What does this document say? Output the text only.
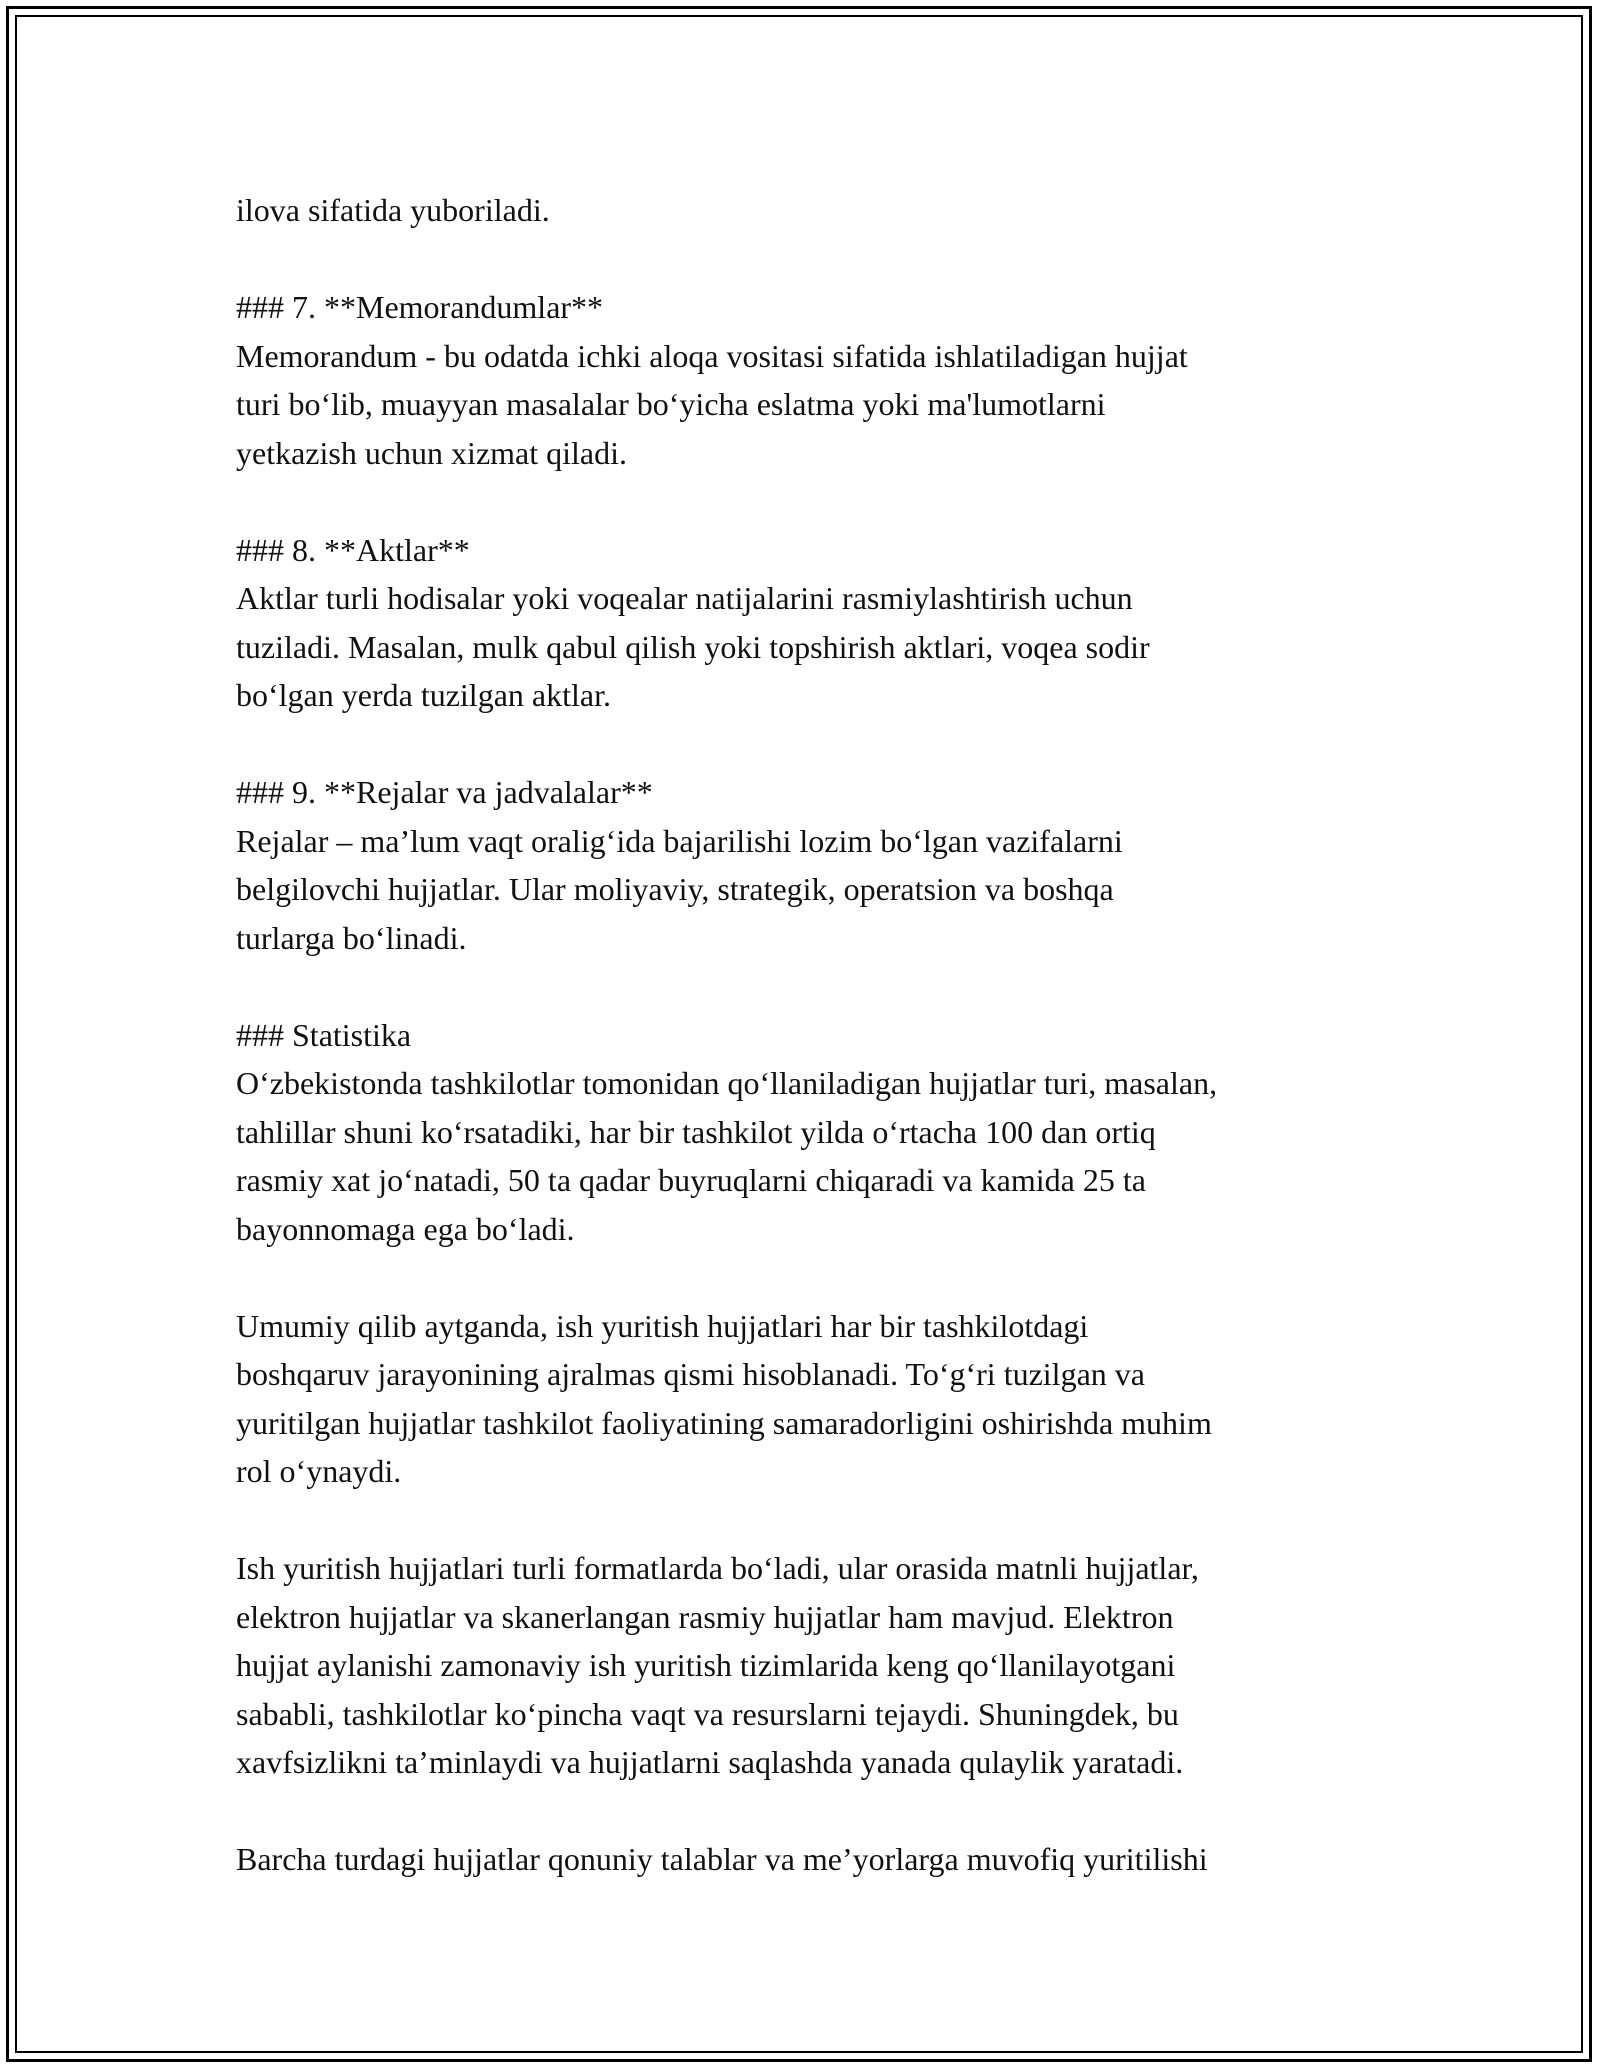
ilova sifatida yuboriladi.
### 7. **Memorandumlar**
Memorandum - bu odatda ichki aloqa vositasi sifatida ishlatiladigan hujjat
turi bo‘lib, muayyan masalalar bo‘yicha eslatma yoki ma'lumotlarni
yetkazish uchun xizmat qiladi.
### 8. **Aktlar**
Aktlar turli hodisalar yoki voqealar natijalarini rasmiylashtirish uchun
tuziladi. Masalan, mulk qabul qilish yoki topshirish aktlari, voqea sodir
bo‘lgan yerda tuzilgan aktlar.
### 9. **Rejalar va jadvalalar**
Rejalar – ma’lum vaqt oralig‘ida bajarilishi lozim bo‘lgan vazifalarni
belgilovchi hujjatlar. Ular moliyaviy, strategik, operatsion va boshqa
turlarga bo‘linadi.
### Statistika
O‘zbekistonda tashkilotlar tomonidan qo‘llaniladigan hujjatlar turi, masalan,
tahlillar shuni ko‘rsatadiki, har bir tashkilot yilda o‘rtacha 100 dan ortiq
rasmiy xat jo‘natadi, 50 ta qadar buyruqlarni chiqaradi va kamida 25 ta
bayonnomaga ega bo‘ladi.
Umumiy qilib aytganda, ish yuritish hujjatlari har bir tashkilotdagi
boshqaruv jarayonining ajralmas qismi hisoblanadi. To‘g‘ri tuzilgan va
yuritilgan hujjatlar tashkilot faoliyatining samaradorligini oshirishda muhim
rol o‘ynaydi.
Ish yuritish hujjatlari turli formatlarda bo‘ladi, ular orasida matnli hujjatlar,
elektron hujjatlar va skanerlangan rasmiy hujjatlar ham mavjud. Elektron
hujjat aylanishi zamonaviy ish yuritish tizimlarida keng qo‘llanilayotgani
sababli, tashkilotlar ko‘pincha vaqt va resurslarni tejaydi. Shuningdek, bu
xavfsizlikni ta’minlaydi va hujjatlarni saqlashda yanada qulaylik yaratadi.
Barcha turdagi hujjatlar qonuniy talablar va me’yorlarga muvofiq yuritilishi
